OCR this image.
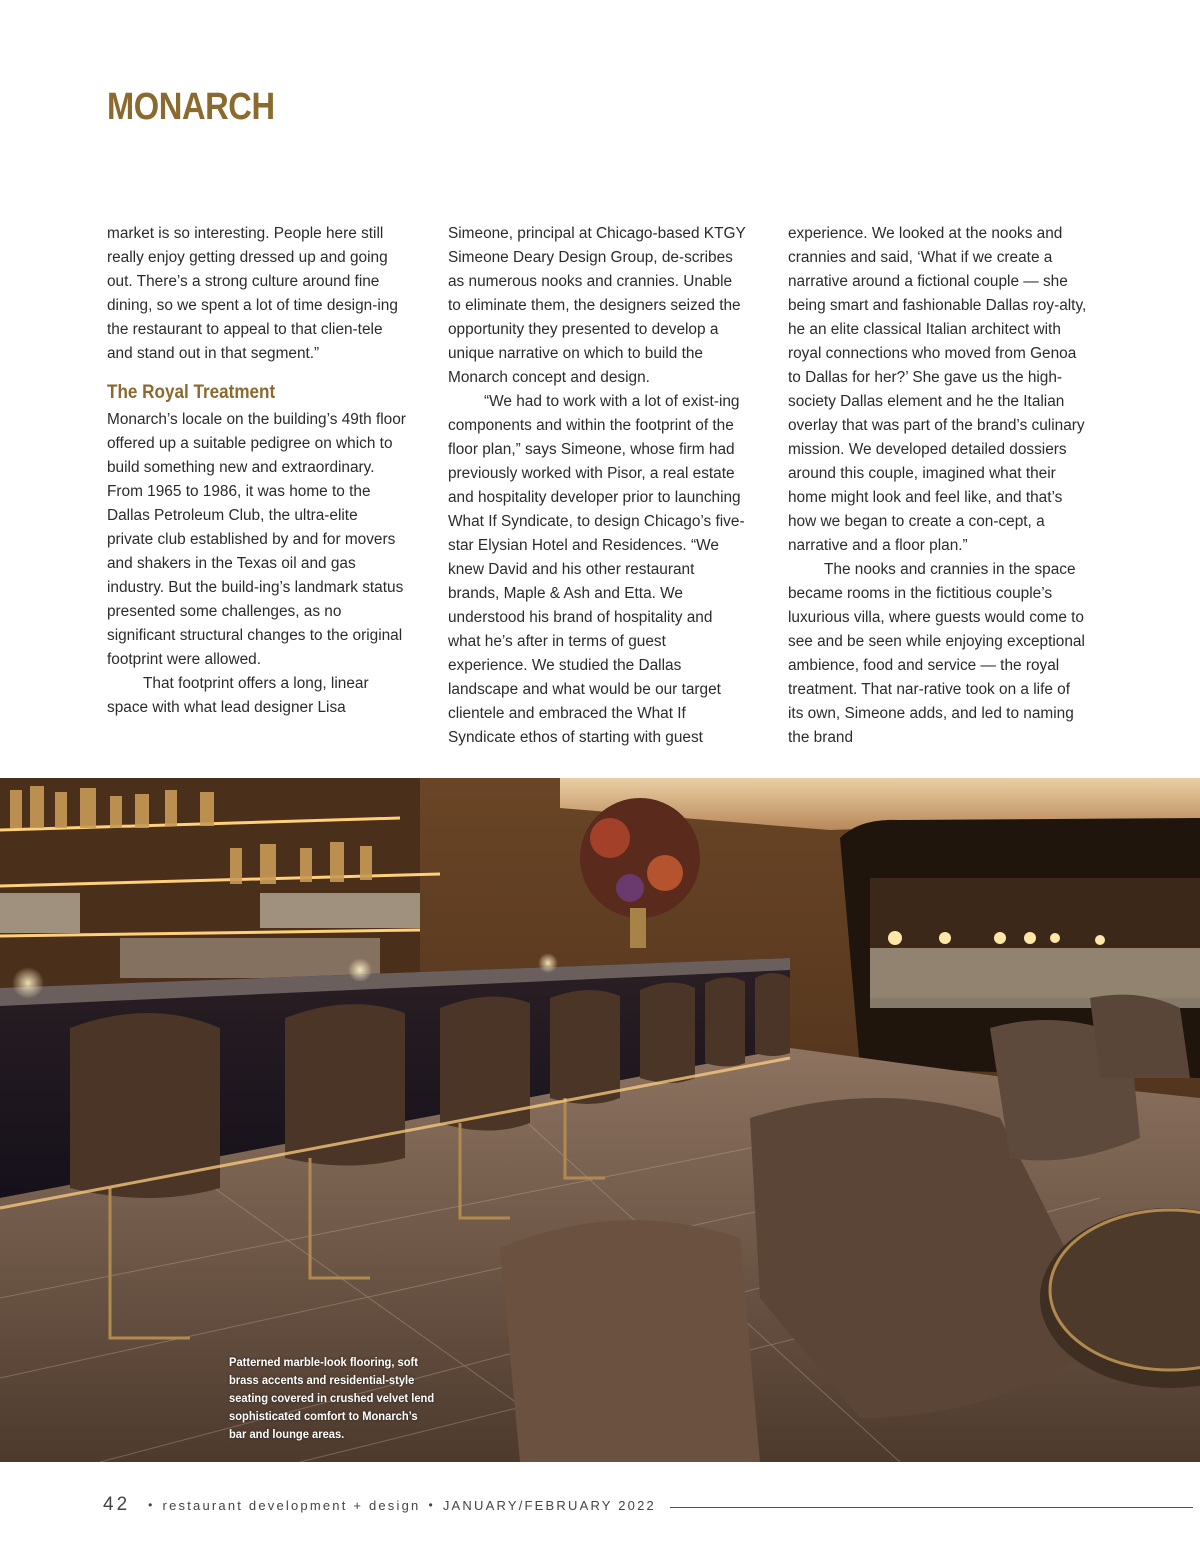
MONARCH

market is so interesting. People here still really enjoy getting dressed up and going out. There’s a strong culture around fine dining, so we spent a lot of time design-ing the restaurant to appeal to that clien-tele and stand out in that segment.”

The Royal Treatment

Monarch’s locale on the building’s 49th floor offered up a suitable pedigree on which to build something new and extraordinary. From 1965 to 1986, it was home to the Dallas Petroleum Club, the ultra-elite private club established by and for movers and shakers in the Texas oil and gas industry. But the build-ing’s landmark status presented some challenges, as no significant structural changes to the original footprint were allowed.

That footprint offers a long, linear space with what lead designer Lisa

Simeone, principal at Chicago-based KTGY Simeone Deary Design Group, de-scribes as numerous nooks and crannies. Unable to eliminate them, the designers seized the opportunity they presented to develop a unique narrative on which to build the Monarch concept and design.

“We had to work with a lot of exist-ing components and within the footprint of the floor plan,” says Simeone, whose firm had previously worked with Pisor, a real estate and hospitality developer prior to launching What If Syndicate, to design Chicago’s five-star Elysian Hotel and Residences. “We knew David and his other restaurant brands, Maple & Ash and Etta. We understood his brand of hospitality and what he’s after in terms of guest experience. We studied the Dallas landscape and what would be our target clientele and embraced the What If Syndicate ethos of starting with guest

experience. We looked at the nooks and crannies and said, ‘What if we create a narrative around a fictional couple — she being smart and fashionable Dallas roy-alty, he an elite classical Italian architect with royal connections who moved from Genoa to Dallas for her?’ She gave us the high-society Dallas element and he the Italian overlay that was part of the brand’s culinary mission. We developed detailed dossiers around this couple, imagined what their home might look and feel like, and that’s how we began to create a con-cept, a narrative and a floor plan.”

The nooks and crannies in the space became rooms in the fictitious couple’s luxurious villa, where guests would come to see and be seen while enjoying exceptional ambience, food and service — the royal treatment. That nar-rative took on a life of its own, Simeone adds, and led to naming the brand

Patterned marble-look flooring, soft brass accents and residential-style seating covered in crushed velvet lend sophisticated comfort to Monarch’s bar and lounge areas.
42 • restaurant development + design • JANUARY/FEBRUARY 2022
